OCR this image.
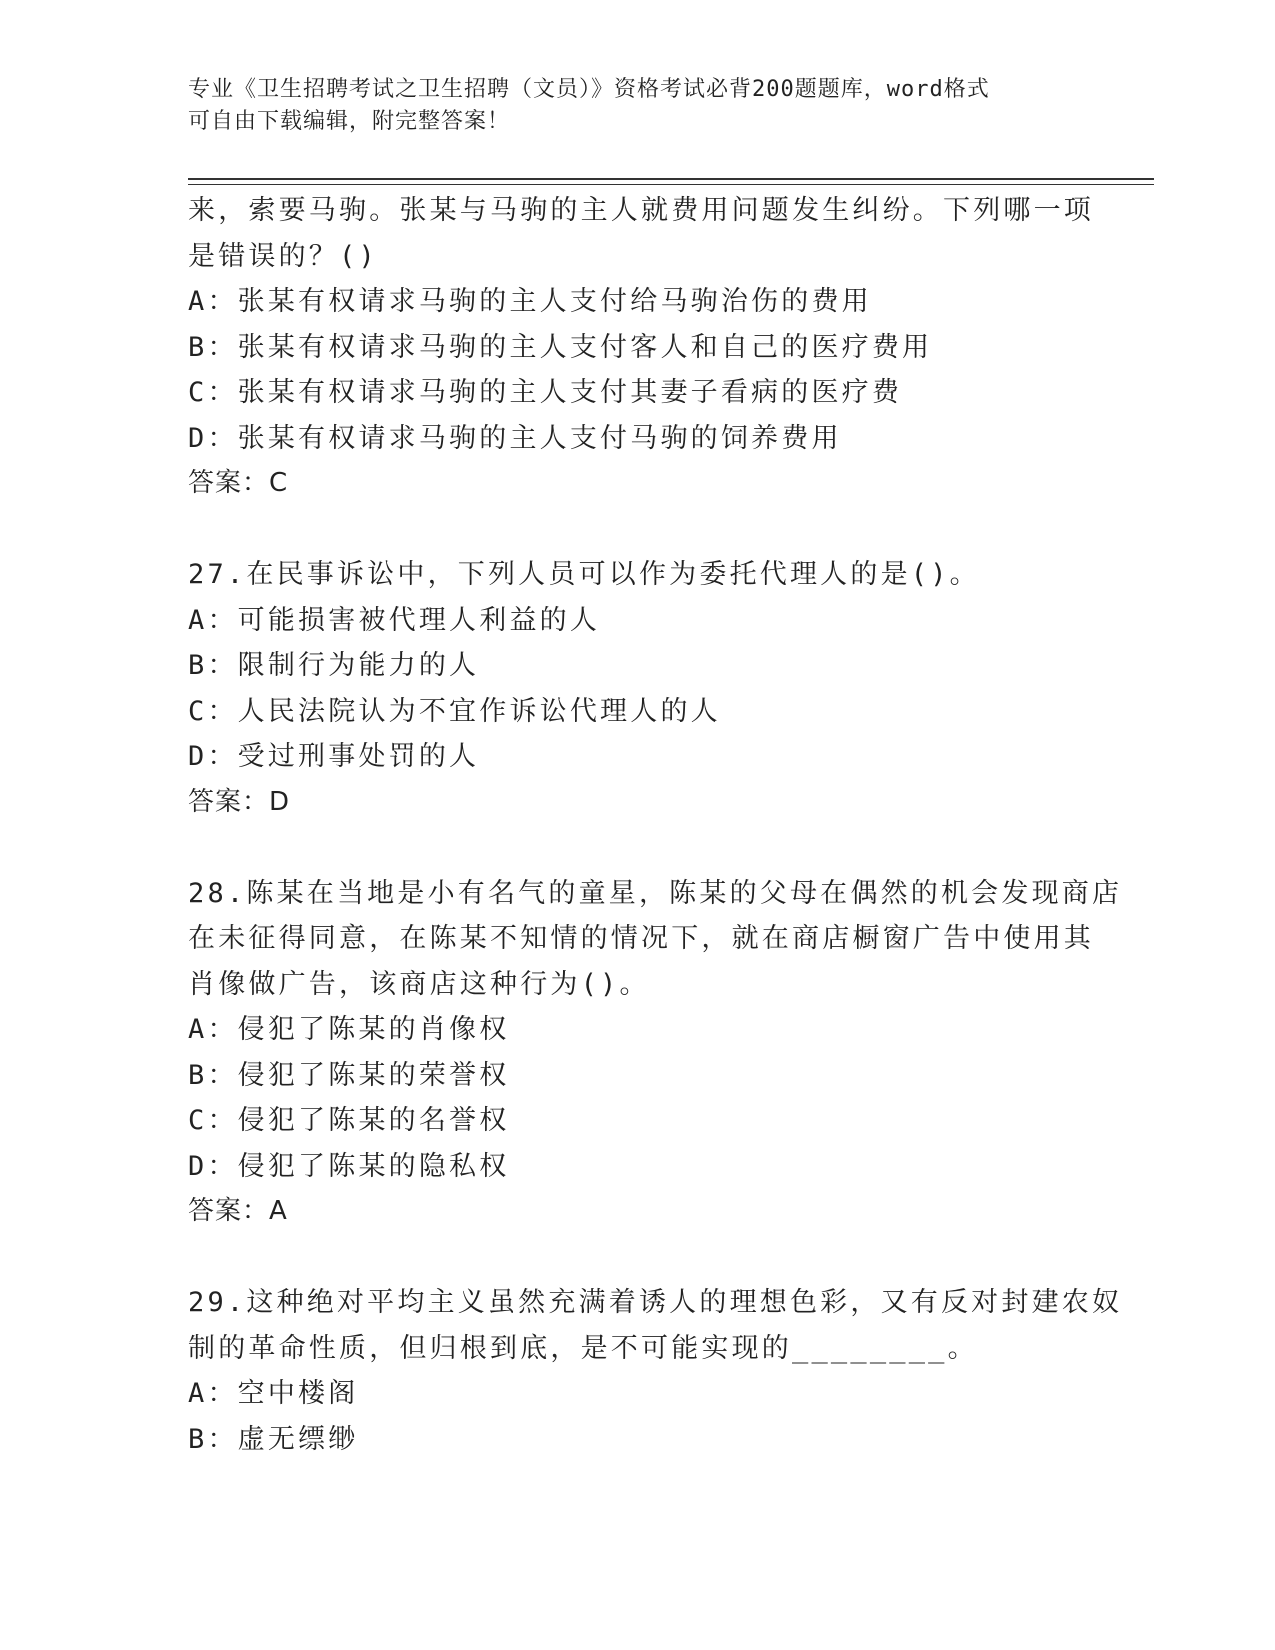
专业《卫生招聘考试之卫生招聘（文员）》资格考试必背200题题库，word格式
可自由下载编辑，附完整答案！
来，索要马驹。张某与马驹的主人就费用问题发生纠纷。下列哪一项
是错误的？()
A：张某有权请求马驹的主人支付给马驹治伤的费用
B：张某有权请求马驹的主人支付客人和自己的医疗费用
C：张某有权请求马驹的主人支付其妻子看病的医疗费
D：张某有权请求马驹的主人支付马驹的饲养费用
答案：C
27.在民事诉讼中，下列人员可以作为委托代理人的是()。
A：可能损害被代理人利益的人
B：限制行为能力的人
C：人民法院认为不宜作诉讼代理人的人
D：受过刑事处罚的人
答案：D
28.陈某在当地是小有名气的童星，陈某的父母在偶然的机会发现商店
在未征得同意，在陈某不知情的情况下，就在商店橱窗广告中使用其
肖像做广告，该商店这种行为()。
A：侵犯了陈某的肖像权
B：侵犯了陈某的荣誉权
C：侵犯了陈某的名誉权
D：侵犯了陈某的隐私权
答案：A
29.这种绝对平均主义虽然充满着诱人的理想色彩，又有反对封建农奴
制的革命性质，但归根到底，是不可能实现的________。
A：空中楼阁
B：虚无缥缈
